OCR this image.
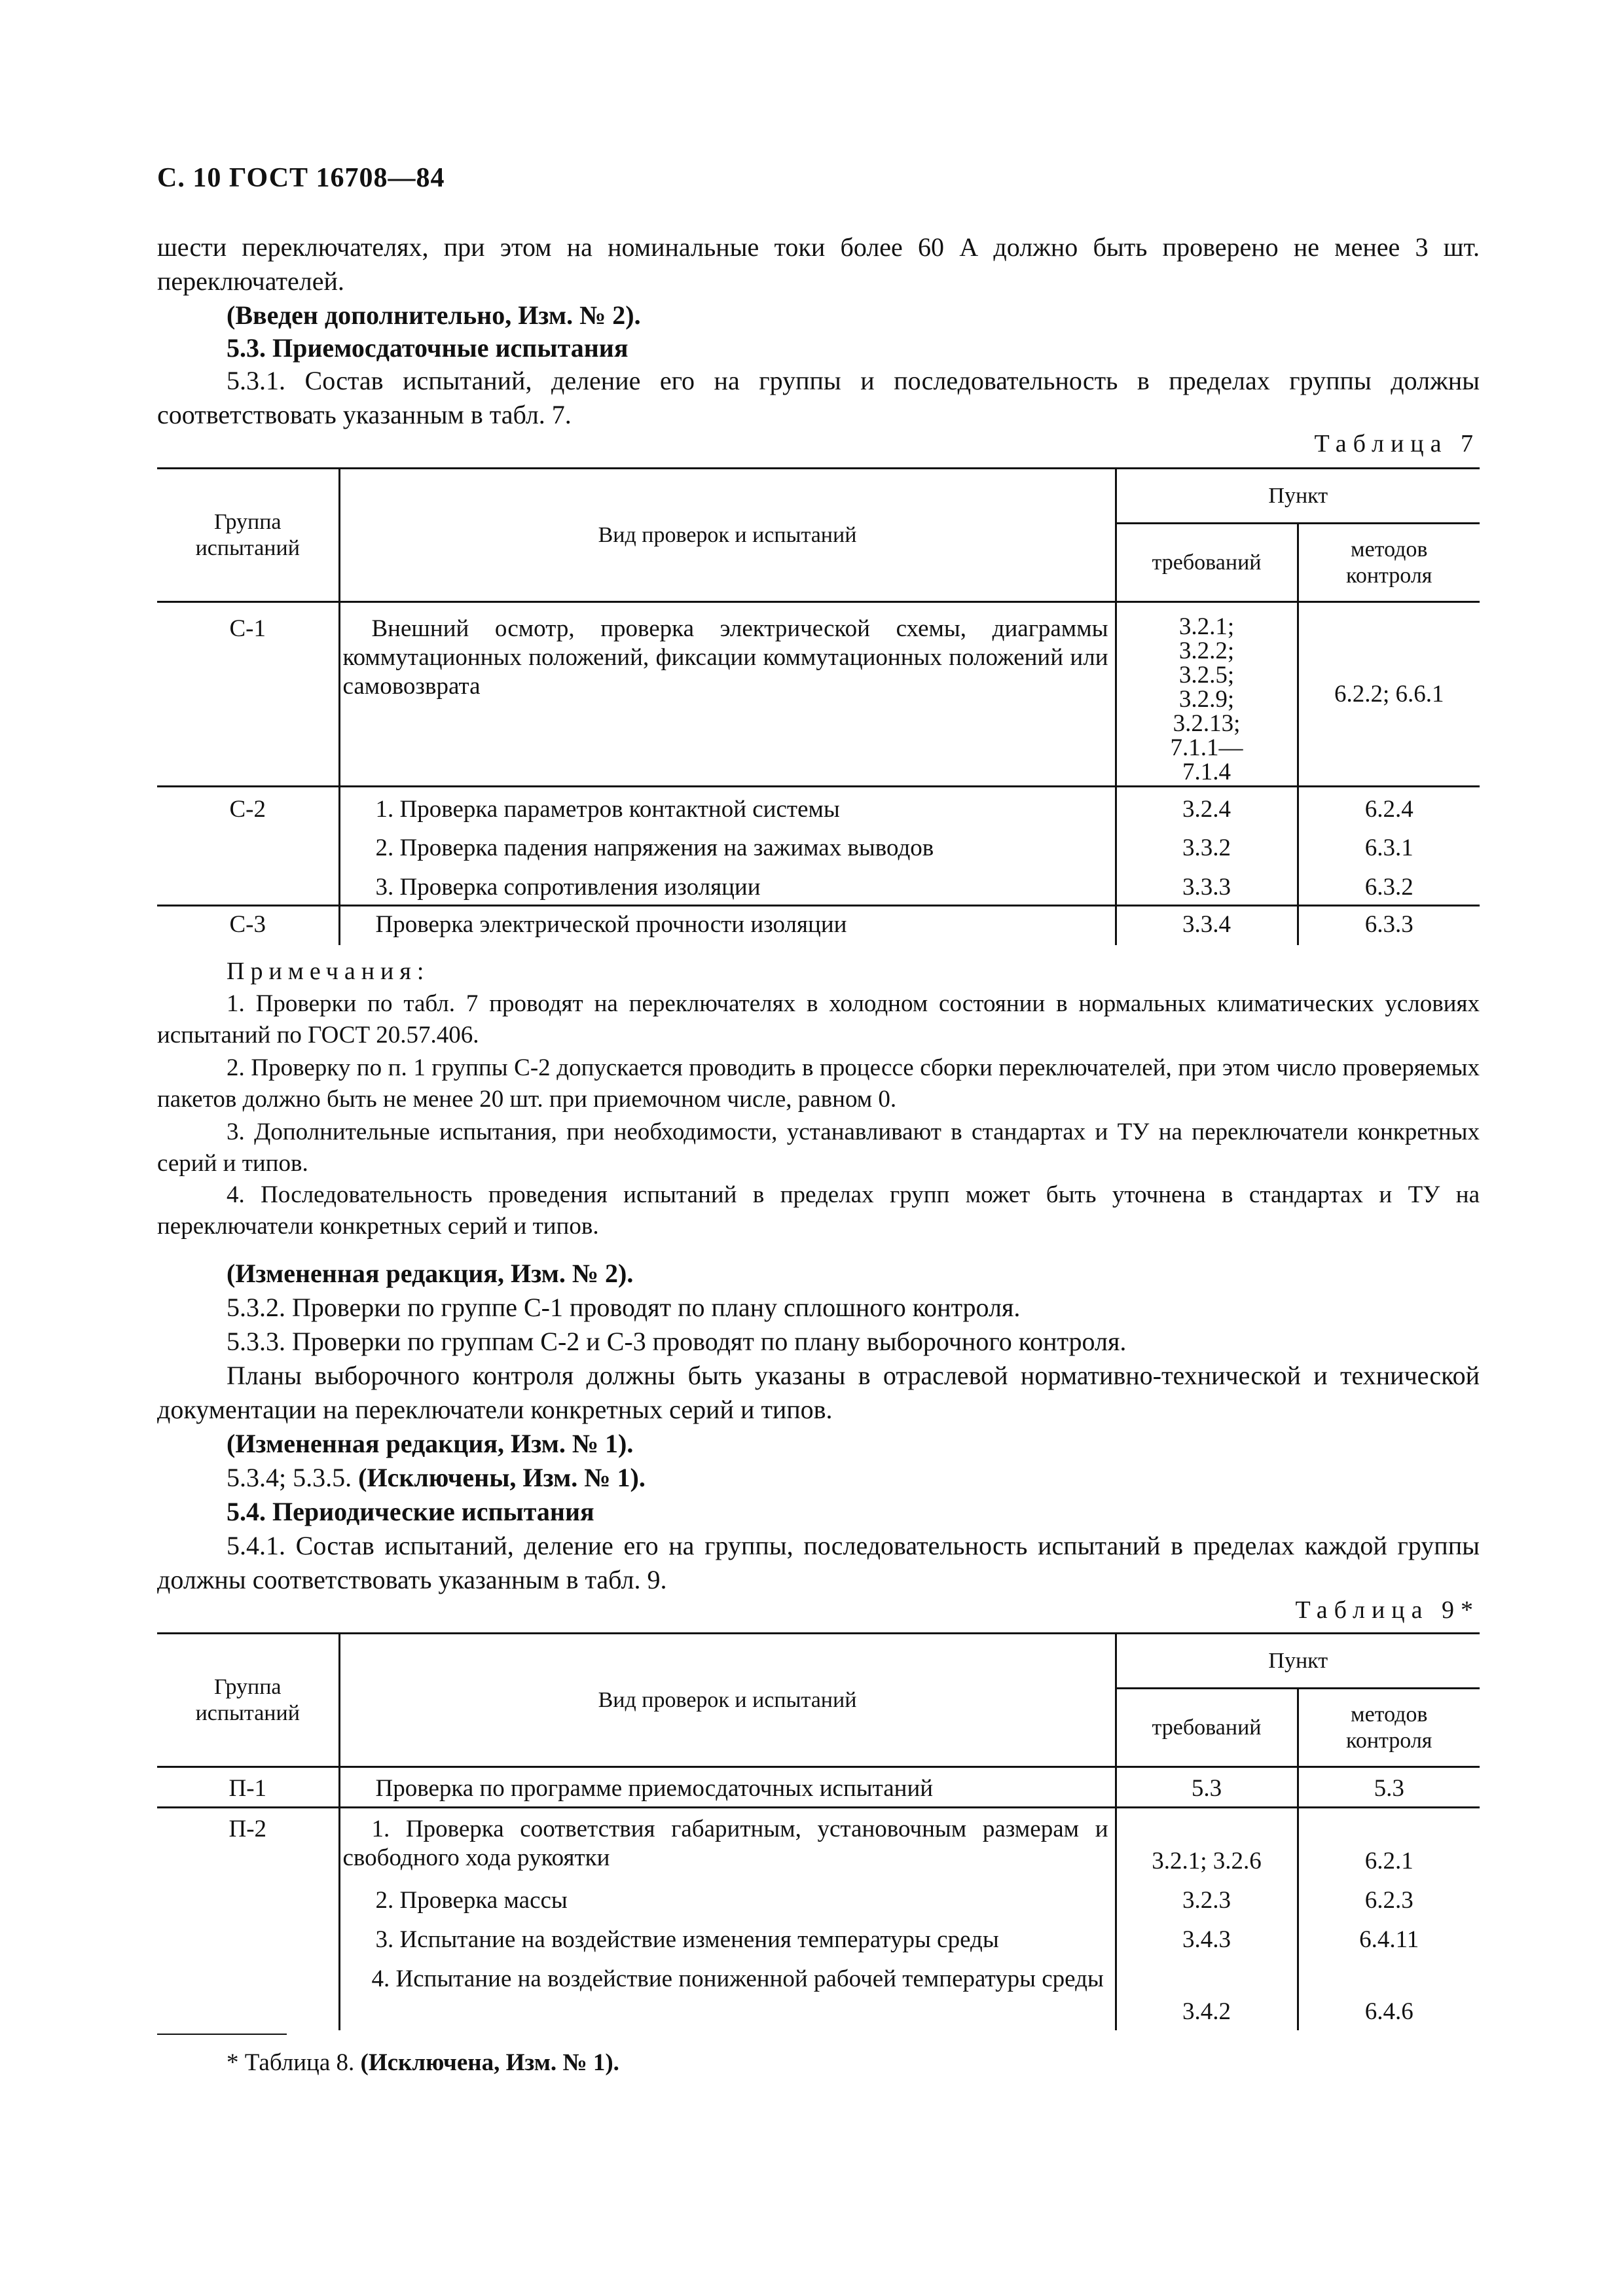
С. 10 ГОСТ 16708—84
шести переключателях, при этом на номинальные токи более 60 А должно быть проверено не менее 3 шт. переключателей.
(Введен дополнительно, Изм. № 2).
5.3. Приемосдаточные испытания
5.3.1. Состав испытаний, деление его на группы и последовательность в пределах группы должны соответствовать указанным в табл. 7.
Таблица 7
Группа испытаний	Вид проверок и испытаний	Пункт	
		требований	методов контроля
С-1	Внешний осмотр, проверка электрической схемы, диаграммы коммутационных положений, фиксации коммутационных положений или самовозврата	3.2.1; 3.2.2; 3.2.5; 3.2.9; 3.2.13; 7.1.1—7.1.4	6.2.2; 6.6.1
С-2	1. Проверка параметров контактной системы	3.2.4	6.2.4
	2. Проверка падения напряжения на зажимах выводов	3.3.2	6.3.1
	3. Проверка сопротивления изоляции	3.3.3	6.3.2
С-3	Проверка электрической прочности изоляции	3.3.4	6.3.3
Примечания:
1. Проверки по табл. 7 проводят на переключателях в холодном состоянии в нормальных климатических условиях испытаний по ГОСТ 20.57.406.
2. Проверку по п. 1 группы С-2 допускается проводить в процессе сборки переключателей, при этом число проверяемых пакетов должно быть не менее 20 шт. при приемочном числе, равном 0.
3. Дополнительные испытания, при необходимости, устанавливают в стандартах и ТУ на переключатели конкретных серий и типов.
4. Последовательность проведения испытаний в пределах групп может быть уточнена в стандартах и ТУ на переключатели конкретных серий и типов.
(Измененная редакция, Изм. № 2).
5.3.2. Проверки по группе С-1 проводят по плану сплошного контроля.
5.3.3. Проверки по группам С-2 и С-3 проводят по плану выборочного контроля.
Планы выборочного контроля должны быть указаны в отраслевой нормативно-технической и технической документации на переключатели конкретных серий и типов.
(Измененная редакция, Изм. № 1).
5.3.4; 5.3.5. (Исключены, Изм. № 1).
5.4. Периодические испытания
5.4.1. Состав испытаний, деление его на группы, последовательность испытаний в пределах каждой группы должны соответствовать указанным в табл. 9.
Таблица 9*
Группа испытаний	Вид проверок и испытаний	Пункт	
		требований	методов контроля
П-1	Проверка по программе приемосдаточных испытаний	5.3	5.3
П-2	1. Проверка соответствия габаритным, установочным размерам и свободного хода рукоятки	3.2.1; 3.2.6	6.2.1
	2. Проверка массы	3.2.3	6.2.3
	3. Испытание на воздействие изменения температуры среды	3.4.3	6.4.11
	4. Испытание на воздействие пониженной рабочей температуры среды	3.4.2	6.4.6
* Таблица 8. (Исключена, Изм. № 1).
